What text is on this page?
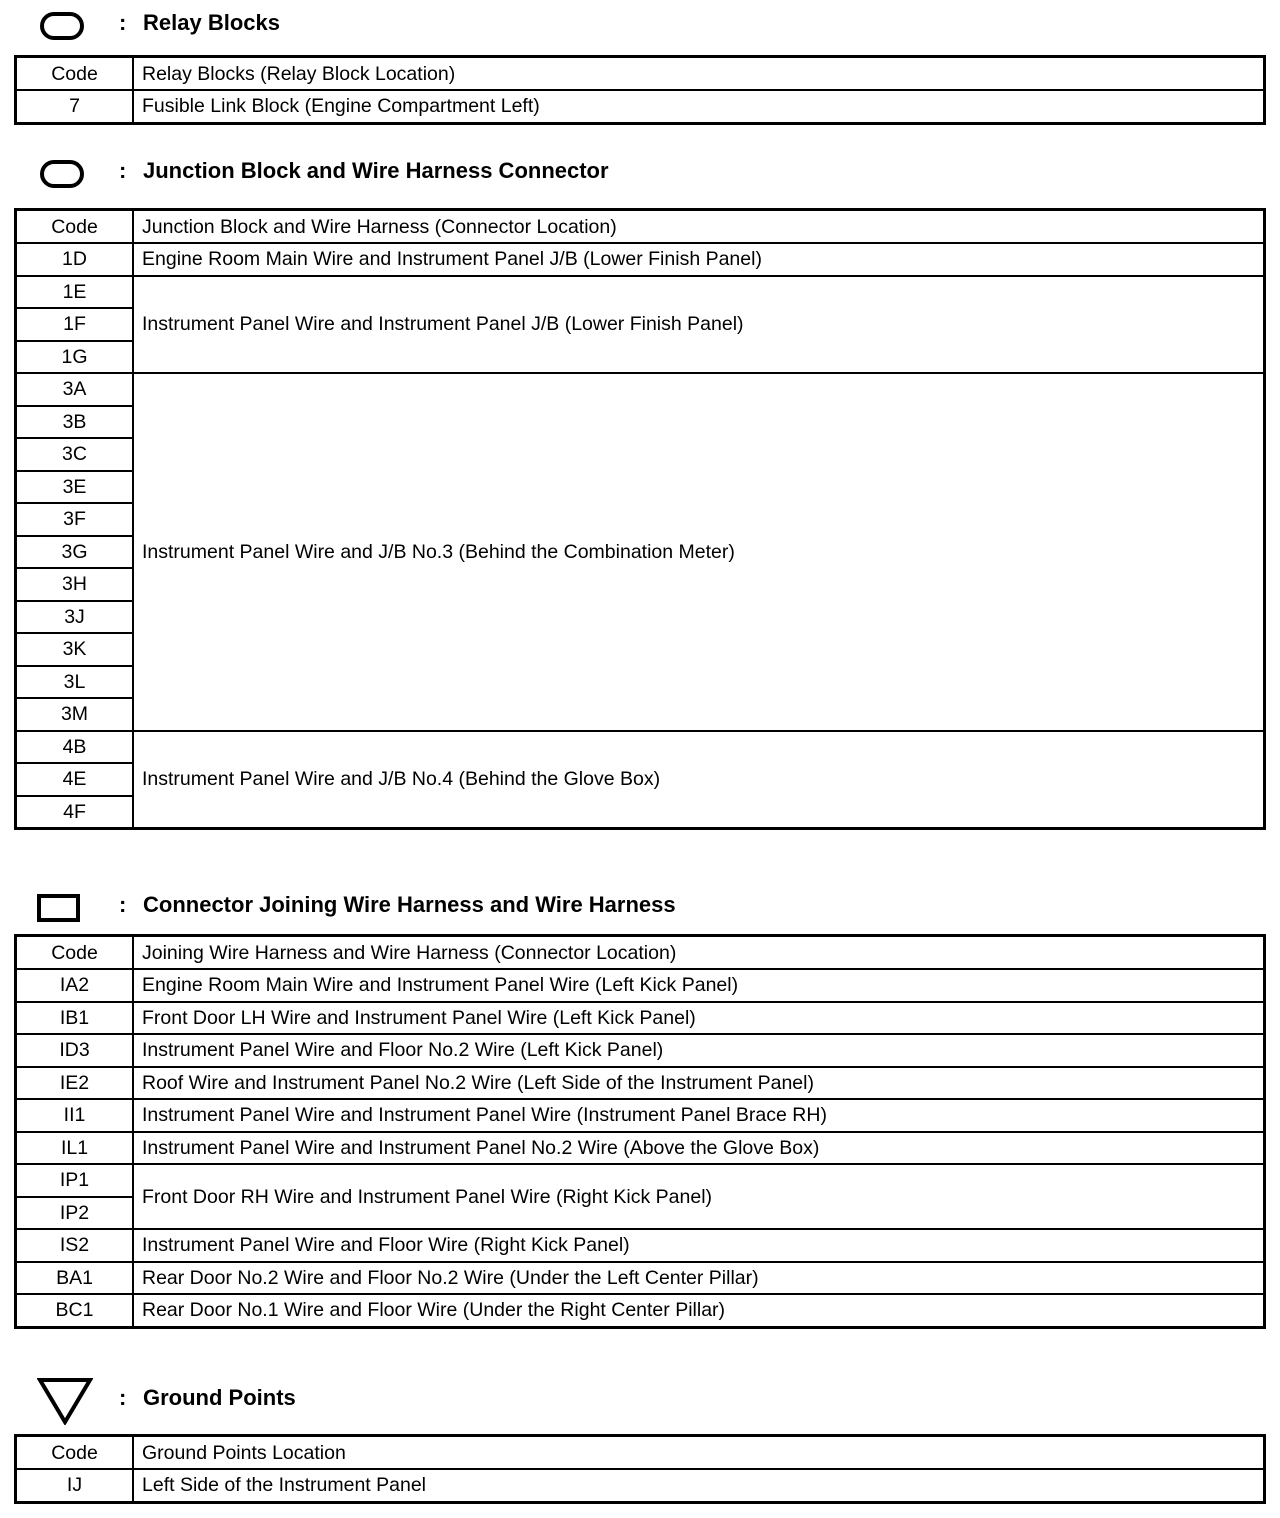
: Relay Blocks
Code	Relay Blocks (Relay Block Location)
7	Fusible Link Block (Engine Compartment Left)
: Junction Block and Wire Harness Connector
Code	Junction Block and Wire Harness (Connector Location)
1D	Engine Room Main Wire and Instrument Panel J/B (Lower Finish Panel)
1E	Instrument Panel Wire and Instrument Panel J/B (Lower Finish Panel)
1F	
1G	
3A	Instrument Panel Wire and J/B No.3 (Behind the Combination Meter)
3B	
3C	
3E	
3F	
3G	
3H	
3J	
3K	
3L	
3M	
4B	Instrument Panel Wire and J/B No.4 (Behind the Glove Box)
4E	
4F	
: Connector Joining Wire Harness and Wire Harness
Code	Joining Wire Harness and Wire Harness (Connector Location)
IA2	Engine Room Main Wire and Instrument Panel Wire (Left Kick Panel)
IB1	Front Door LH Wire and Instrument Panel Wire (Left Kick Panel)
ID3	Instrument Panel Wire and Floor No.2 Wire (Left Kick Panel)
IE2	Roof Wire and Instrument Panel No.2 Wire (Left Side of the Instrument Panel)
II1	Instrument Panel Wire and Instrument Panel Wire (Instrument Panel Brace RH)
IL1	Instrument Panel Wire and Instrument Panel No.2 Wire (Above the Glove Box)
IP1	Front Door RH Wire and Instrument Panel Wire (Right Kick Panel)
IP2	
IS2	Instrument Panel Wire and Floor Wire (Right Kick Panel)
BA1	Rear Door No.2 Wire and Floor No.2 Wire (Under the Left Center Pillar)
BC1	Rear Door No.1 Wire and Floor Wire (Under the Right Center Pillar)
: Ground Points
Code	Ground Points Location
IJ	Left Side of the Instrument Panel
